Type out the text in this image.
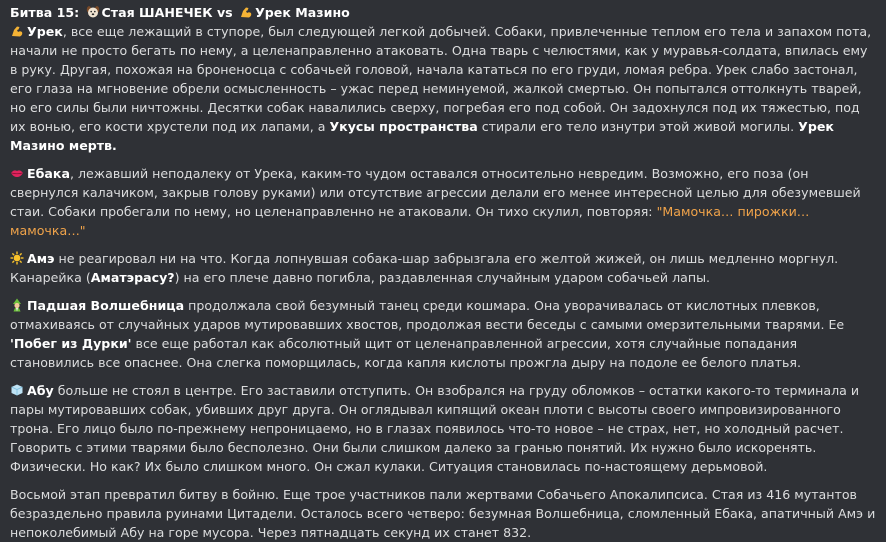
Битва 15: Стая ШАНЕЧЕК vs Урек Мазино

Урек, все еще лежащий в ступоре, был следующей легкой добычей. Собаки, привлеченные теплом его тела и запахом пота, начали не просто бегать по нему, а целенаправленно атаковать. Одна тварь с челюстями, как у муравья-солдата, впилась ему в руку. Другая, похожая на броненосца с собачьей головой, начала кататься по его груди, ломая ребра. Урек слабо застонал, его глаза на мгновение обрели осмысленность – ужас перед неминуемой, жалкой смертью. Он попытался оттолкнуть тварей, но его силы были ничтожны. Десятки собак навалились сверху, погребая его под собой. Он задохнулся под их тяжестью, под их вонью, его кости хрустели под их лапами, а Укусы пространства стирали его тело изнутри этой живой могилы. Урек Мазино мертв.

Ебака, лежавший неподалеку от Урека, каким-то чудом оставался относительно невредим. Возможно, его поза (он свернулся калачиком, закрыв голову руками) или отсутствие агрессии делали его менее интересной целью для обезумевшей стаи. Собаки пробегали по нему, но целенаправленно не атаковали. Он тихо скулил, повторяя: "Мамочка… пирожки… мамочка…"

Амэ не реагировал ни на что. Когда лопнувшая собака-шар забрызгала его желтой жижей, он лишь медленно моргнул. Канарейка (Аматэрасу?) на его плече давно погибла, раздавленная случайным ударом собачьей лапы.

Падшая Волшебница продолжала свой безумный танец среди кошмара. Она уворачивалась от кислотных плевков, отмахиваясь от случайных ударов мутировавших хвостов, продолжая вести беседы с самыми омерзительными тварями. Ее 'Побег из Дурки' все еще работал как абсолютный щит от целенаправленной агрессии, хотя случайные попадания становились все опаснее. Она слегка поморщилась, когда капля кислоты прожгла дыру на подоле ее белого платья.

Абу больше не стоял в центре. Его заставили отступить. Он взобрался на груду обломков – остатки какого-то терминала и пары мутировавших собак, убивших друг друга. Он оглядывал кипящий океан плоти с высоты своего импровизированного трона. Его лицо было по-прежнему непроницаемо, но в глазах появилось что-то новое – не страх, нет, но холодный расчет. Говорить с этими тварями было бесполезно. Они были слишком далеко за гранью понятий. Их нужно было искоренять. Физически. Но как? Их было слишком много. Он сжал кулаки. Ситуация становилась по-настоящему дерьмовой.

Восьмой этап превратил битву в бойню. Еще трое участников пали жертвами Собачьего Апокалипсиса. Стая из 416 мутантов безраздельно правила руинами Цитадели. Осталось всего четверо: безумная Волшебница, сломленный Ебака, апатичный Амэ и непоколебимый Абу на горе мусора. Через пятнадцать секунд их станет 832.
